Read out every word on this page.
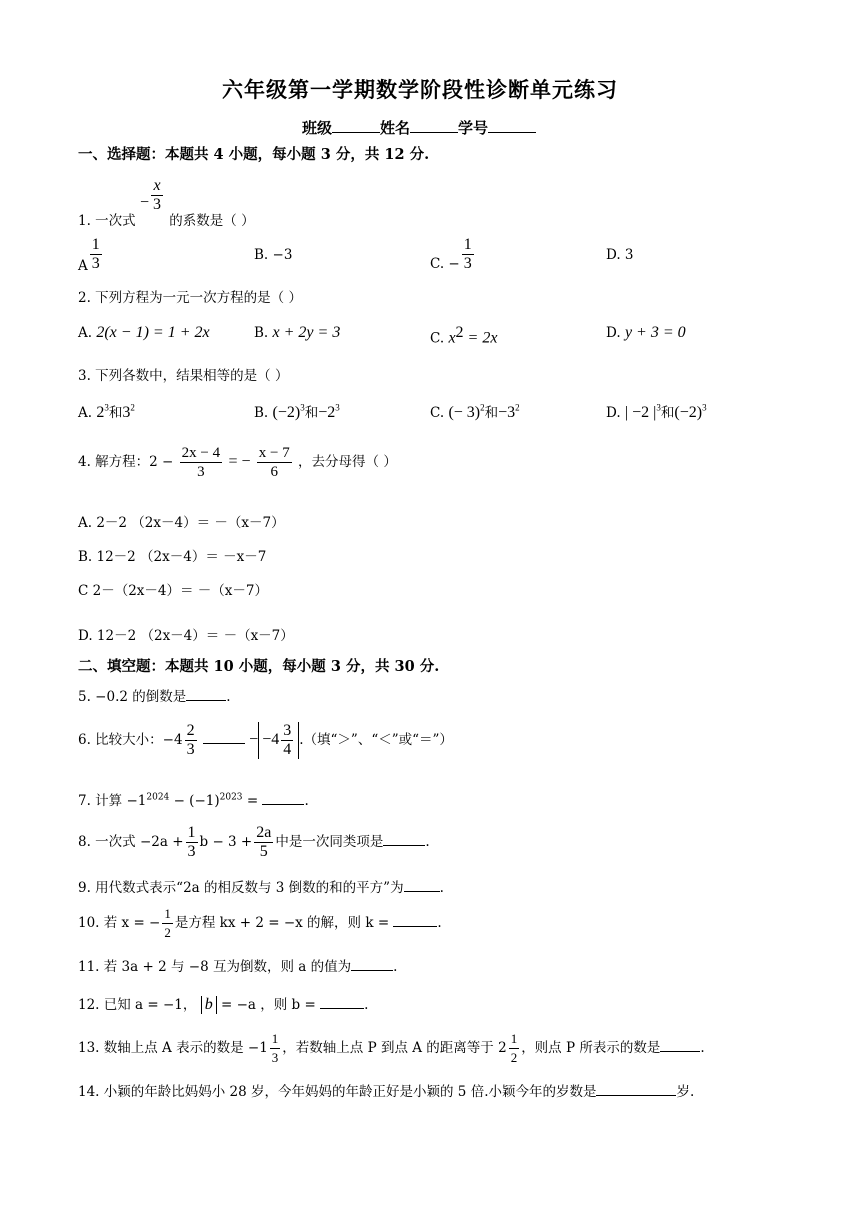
六年级第一学期数学阶段性诊断单元练习
班级	姓名	学号
一、选择题：本题共 4 小题，每小题 3 分，共 12 分.
1. 一次式 − $\frac{x}{3}$
的系数是（ ）
A $\frac{1}{3}$	B. −3
C. − $\frac{1}{3}$	D. 3
2. 下列方程为一元一次方程的是（ ）
A. 2(x − 1) = 1 + 2x	B. x + 2y = 3	C. $x^2 = 2x$	D. y + 3 = 0
3. 下列各数中，结果相等的是（ ）
A. $2^3$和$3^2$	B. $(-2)^3$和$-2^3$	C. (− 3)$^2$和$-3^2$	D. | −2 $|^3$和$(-2)^3$
4. 解方程：$2 - \frac{2x - 4}{3}$ = − $\frac{x - 7}{6}$ ，去分母得（ ）
A. 2－2 （2x－4）＝ －（x－7）
B. 12－2 （2x－4）＝ －x－7
C 2－（2x－4）＝ －（x－7）
D. 12－2 （2x－4）＝ －（x－7）
二、填空题：本题共 10 小题，每小题 3 分，共 30 分.
5. −0.2 的倒数是	.
6. 比较大小：$-4 \frac{2}{3}$	− $-4 \frac{3}{4}$ .（填“＞”、“＜”或“＝”）
7. 计算 $-1^{2024} - (-1)^{2023}$ =	.
8. 一次式 $-2a + \frac{1}{3}$ $b - 3 + \frac{2a}{5}$ 中是一次同类项是	.
9. 用代数式表示“2a 的相反数与 3 倒数的和的平方”为	.
10. 若 x = − $\frac{1}{2}$ 是方程 kx + 2 = −x 的解，则 k =	.
11. 若 3a + 2 与 −8 互为倒数，则 a 的值为	.
12. 已知 a = −1， b = −a ，则 b =	.
13. 数轴上点 A 表示的数是 $-1 \frac{1}{3}$ ，若数轴上点 P 到点 A 的距离等于 $2 \frac{1}{2}$ ，则点 P 所表示的数是	.
14. 小颖的年龄比妈妈小 28 岁，今年妈妈的年龄正好是小颖的 5 倍.小颖今年的岁数是	岁.
